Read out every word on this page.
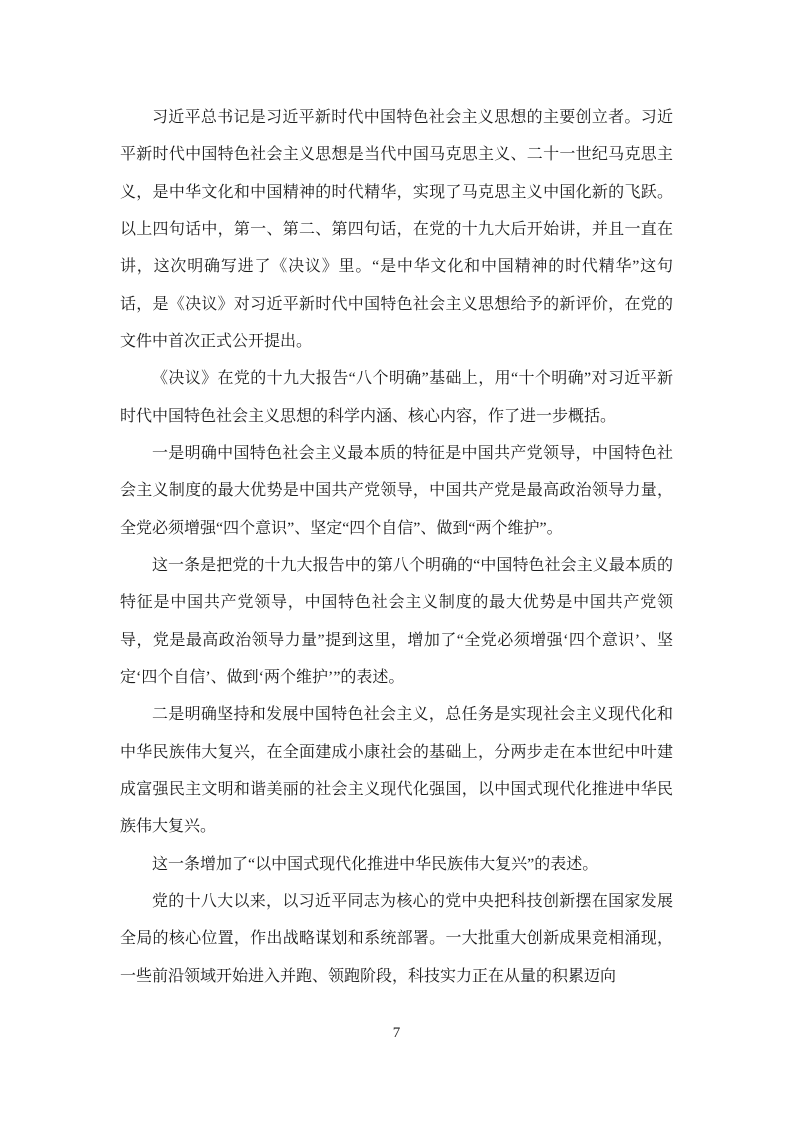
习近平总书记是习近平新时代中国特色社会主义思想的主要创立者。习近平新时代中国特色社会主义思想是当代中国马克思主义、二十一世纪马克思主义，是中华文化和中国精神的时代精华，实现了马克思主义中国化新的飞跃。以上四句话中，第一、第二、第四句话，在党的十九大后开始讲，并且一直在讲，这次明确写进了《决议》里。“是中华文化和中国精神的时代精华”这句话，是《决议》对习近平新时代中国特色社会主义思想给予的新评价，在党的文件中首次正式公开提出。

《决议》在党的十九大报告“八个明确”基础上，用“十个明确”对习近平新时代中国特色社会主义思想的科学内涵、核心内容，作了进一步概括。

一是明确中国特色社会主义最本质的特征是中国共产党领导，中国特色社会主义制度的最大优势是中国共产党领导，中国共产党是最高政治领导力量，全党必须增强“四个意识”、坚定“四个自信”、做到“两个维护”。

这一条是把党的十九大报告中的第八个明确的“中国特色社会主义最本质的特征是中国共产党领导，中国特色社会主义制度的最大优势是中国共产党领导，党是最高政治领导力量”提到这里，增加了“全党必须增强‘四个意识’、坚定‘四个自信’、做到‘两个维护’”的表述。

二是明确坚持和发展中国特色社会主义，总任务是实现社会主义现代化和中华民族伟大复兴，在全面建成小康社会的基础上，分两步走在本世纪中叶建成富强民主文明和谐美丽的社会主义现代化强国，以中国式现代化推进中华民族伟大复兴。

这一条增加了“以中国式现代化推进中华民族伟大复兴”的表述。

党的十八大以来，以习近平同志为核心的党中央把科技创新摆在国家发展全局的核心位置，作出战略谋划和系统部署。一大批重大创新成果竞相涌现，一些前沿领域开始进入并跑、领跑阶段，科技实力正在从量的积累迈向

7
